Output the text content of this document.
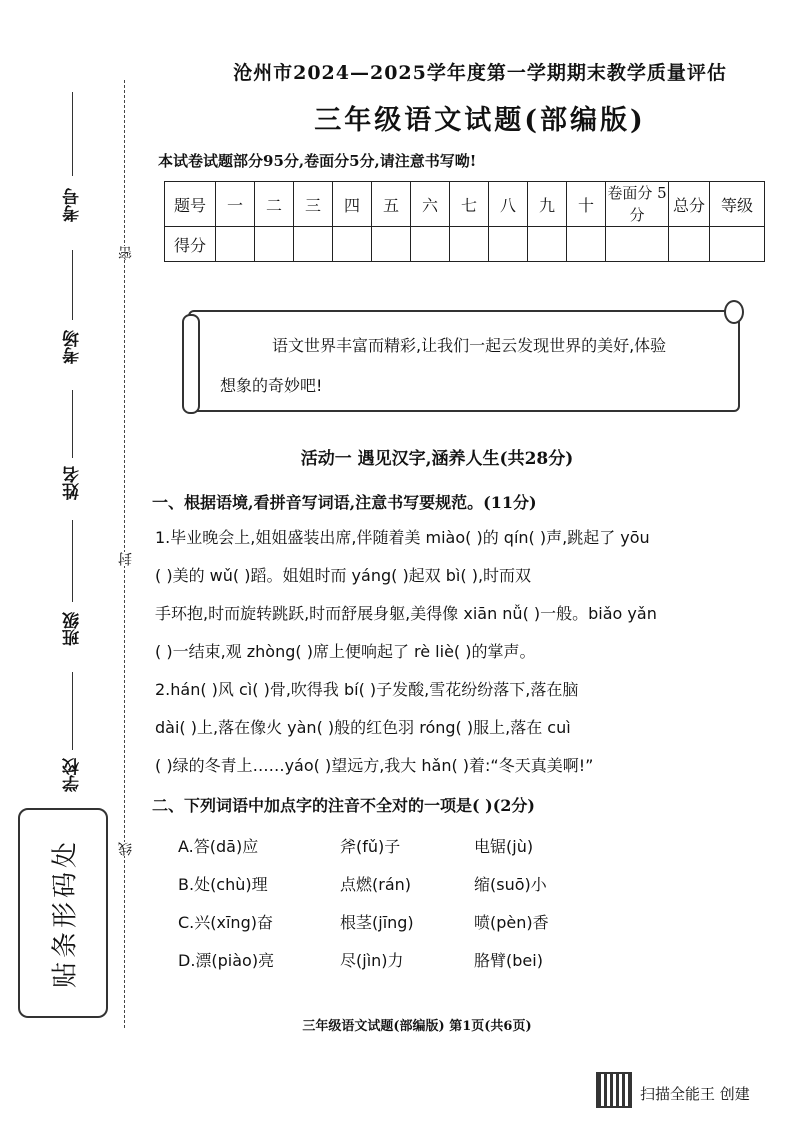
考号
考场
姓名
班级
学校
密
封
线
贴条形码处
沧州市2024—2025学年度第一学期期末教学质量评估
三年级语文试题(部编版)
本试卷试题部分95分,卷面分5分,请注意书写呦!
题号	一	二	三	四	五	六	七	八	九	十	卷面分 5分	总分	等级
得分													
语文世界丰富而精彩,让我们一起云发现世界的美好,体验
想象的奇妙吧!
活动一 遇见汉字,涵养人生(共28分)
一、根据语境,看拼音写词语,注意书写要规范。(11分)
1.毕业晚会上,姐姐盛装出席,伴随着美 miào( )的 qín( )声,跳起了 yōu
( )美的 wǔ( )蹈。姐姐时而 yáng( )起双 bì( ),时而双
手环抱,时而旋转跳跃,时而舒展身躯,美得像 xiān nǚ( )一般。biǎo yǎn
( )一结束,观 zhòng( )席上便响起了 rè liè( )的掌声。
2.hán( )风 cì( )骨,吹得我 bí( )子发酸,雪花纷纷落下,落在脑
dài( )上,落在像火 yàn( )般的红色羽 róng( )服上,落在 cuì
( )绿的冬青上……yáo( )望远方,我大 hǎn( )着:“冬天真美啊!”
二、下列词语中加点字的注音不全对的一项是( )(2分)
A.答(dā)应	斧(fǔ)子	电锯(jù)
B.处(chù)理	点燃(rán)	缩(suō)小
C.兴(xīng)奋	根茎(jīng)	喷(pèn)香
D.漂(piào)亮	尽(jìn)力	胳臂(bei)
三年级语文试题(部编版) 第1页(共6页)
扫描全能王 创建
